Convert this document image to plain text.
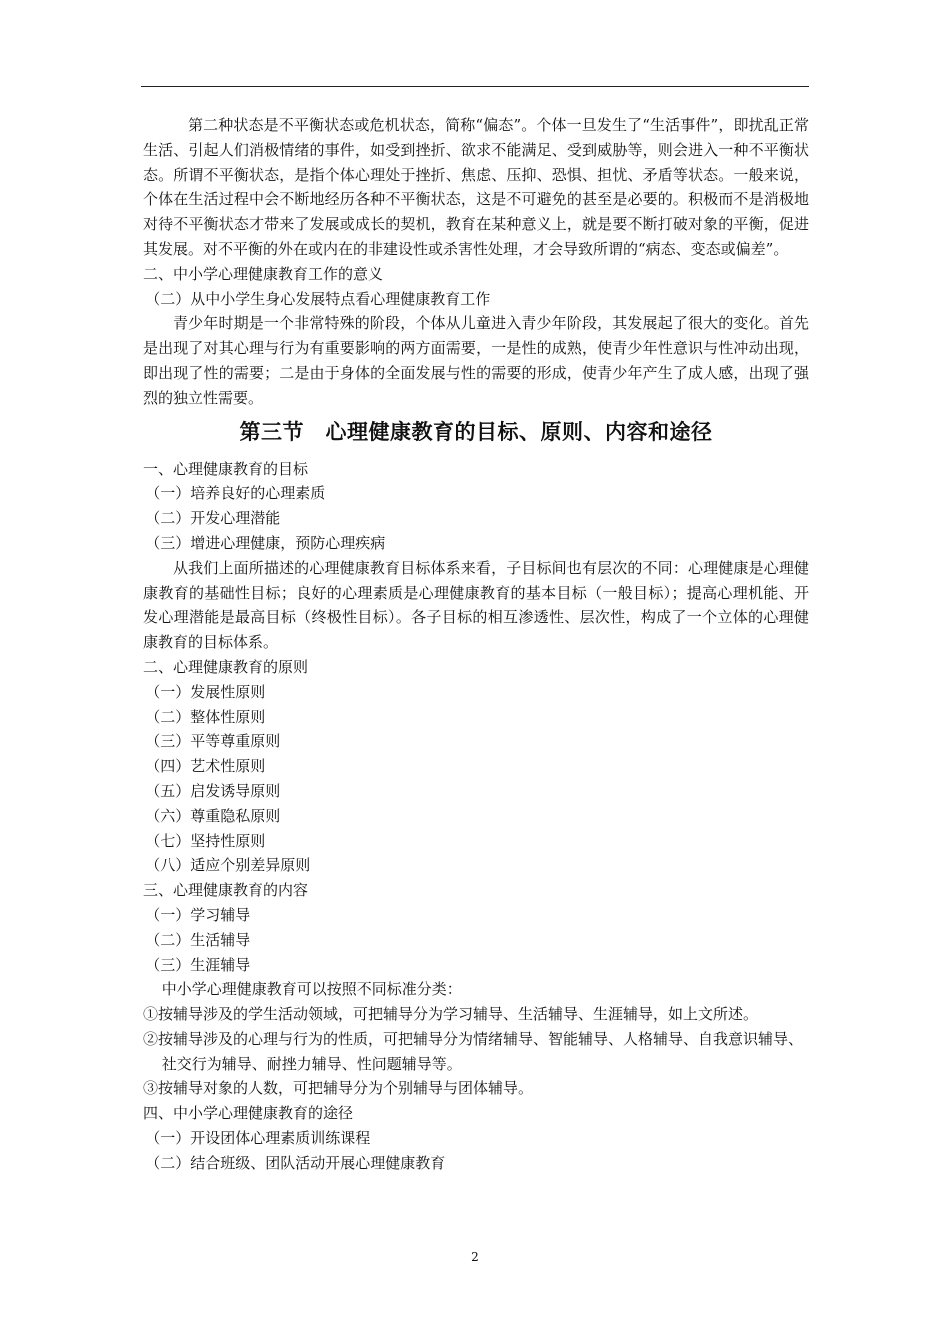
第二种状态是不平衡状态或危机状态，简称“偏态”。个体一旦发生了“生活事件”，即扰乱正常生活、引起人们消极情绪的事件，如受到挫折、欲求不能满足、受到威胁等，则会进入一种不平衡状态。所谓不平衡状态，是指个体心理处于挫折、焦虑、压抑、恐惧、担忧、矛盾等状态。一般来说，个体在生活过程中会不断地经历各种不平衡状态，这是不可避免的甚至是必要的。积极而不是消极地对待不平衡状态才带来了发展或成长的契机，教育在某种意义上，就是要不断打破对象的平衡，促进其发展。对不平衡的外在或内在的非建设性或杀害性处理，才会导致所谓的“病态、变态或偏差”。

二、中小学心理健康教育工作的意义

（二）从中小学生身心发展特点看心理健康教育工作

青少年时期是一个非常特殊的阶段，个体从儿童进入青少年阶段，其发展起了很大的变化。首先是出现了对其心理与行为有重要影响的两方面需要，一是性的成熟，使青少年性意识与性冲动出现，即出现了性的需要；二是由于身体的全面发展与性的需要的形成，使青少年产生了成人感，出现了强烈的独立性需要。

第三节　心理健康教育的目标、原则、内容和途径

一、心理健康教育的目标

（一）培养良好的心理素质

（二）开发心理潜能

（三）增进心理健康，预防心理疾病

从我们上面所描述的心理健康教育目标体系来看，子目标间也有层次的不同：心理健康是心理健康教育的基础性目标；良好的心理素质是心理健康教育的基本目标（一般目标）；提高心理机能、开发心理潜能是最高目标（终极性目标）。各子目标的相互渗透性、层次性，构成了一个立体的心理健康教育的目标体系。

二、心理健康教育的原则

（一）发展性原则

（二）整体性原则

（三）平等尊重原则

（四）艺术性原则

（五）启发诱导原则

（六）尊重隐私原则

（七）坚持性原则

（八）适应个别差异原则

三、心理健康教育的内容

（一）学习辅导

（二）生活辅导

（三）生涯辅导

中小学心理健康教育可以按照不同标准分类：

①按辅导涉及的学生活动领域，可把辅导分为学习辅导、生活辅导、生涯辅导，如上文所述。

②按辅导涉及的心理与行为的性质，可把辅导分为情绪辅导、智能辅导、人格辅导、自我意识辅导、社交行为辅导、耐挫力辅导、性问题辅导等。

③按辅导对象的人数，可把辅导分为个别辅导与团体辅导。

四、中小学心理健康教育的途径

（一）开设团体心理素质训练课程

（二）结合班级、团队活动开展心理健康教育

2
